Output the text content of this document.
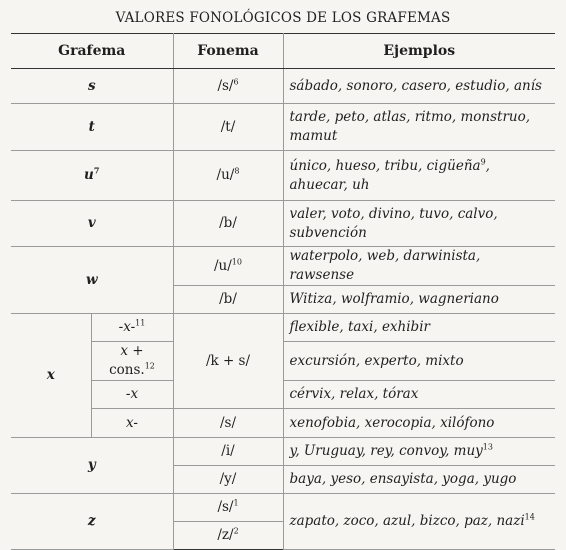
VALORES FONOLÓGICOS DE LOS GRAFEMAS
Grafema		Fonema	Ejemplos
s		/s/$^6$	sábado, sonoro, casero, estudio, anís
t		/t/	tarde, peto, atlas, ritmo, monstruo,
mamut
$u^7$		/u/$^8$	único, hueso, tribu, cigüeña$^9$,
ahuecar, uh
v		/b/	valer, voto, divino, tuvo, calvo,
subvención
w		/u/$^{10}$	waterpolo, web, darwinista, rawsense
		/b/	Witiza, wolframio, wagneriano
x	-x-$^{11}$	/k + s/	flexible, taxi, exhibir
	x + cons.$^{12}$		excursión, experto, mixto
	-x		cérvix, relax, tórax
	x-	/s/	xenofobia, xerocopia, xilófono
y		/i/	y, Uruguay, rey, convoy, muy$^{13}$
		/y/	baya, yeso, ensayista, yoga, yugo
z		/s/$^1$	zapato, zoco, azul, bizco, paz, nazi$^{14}$
		/z/$^2$
